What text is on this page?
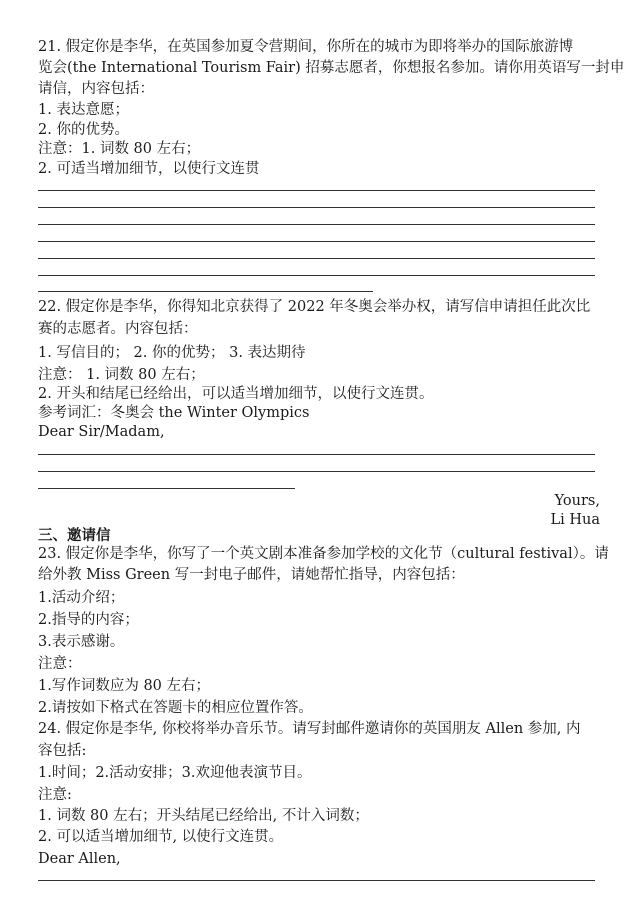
21. 假定你是李华，在英国参加夏令营期间，你所在的城市为即将举办的国际旅游博
览会(the International Tourism Fair) 招募志愿者，你想报名参加。请你用英语写一封申
请信，内容包括：
1. 表达意愿；
2. 你的优势。
注意：1. 词数 80 左右；
2. 可适当增加细节，以使行文连贯
22. 假定你是李华，你得知北京获得了 2022 年冬奥会举办权，请写信申请担任此次比
赛的志愿者。内容包括：
1. 写信目的； 2. 你的优势； 3. 表达期待
注意： 1. 词数 80 左右；
2. 开头和结尾已经给出，可以适当增加细节，以使行文连贯。
参考词汇：冬奥会 the Winter Olympics
Dear Sir/Madam,
Yours,
Li Hua
三、邀请信
23. 假定你是李华，你写了一个英文剧本准备参加学校的文化节（cultural festival）。请
给外教 Miss Green 写一封电子邮件，请她帮忙指导，内容包括：
1.活动介绍；
2.指导的内容；
3.表示感谢。
注意：
1.写作词数应为 80 左右；
2.请按如下格式在答题卡的相应位置作答。
24. 假定你是李华, 你校将举办音乐节。请写封邮件邀请你的英国朋友 Allen 参加, 内
容包括:
1.时间；2.活动安排；3.欢迎他表演节目。
注意:
1. 词数 80 左右；开头结尾已经给出, 不计入词数；
2. 可以适当增加细节, 以使行文连贯。
Dear Allen,
